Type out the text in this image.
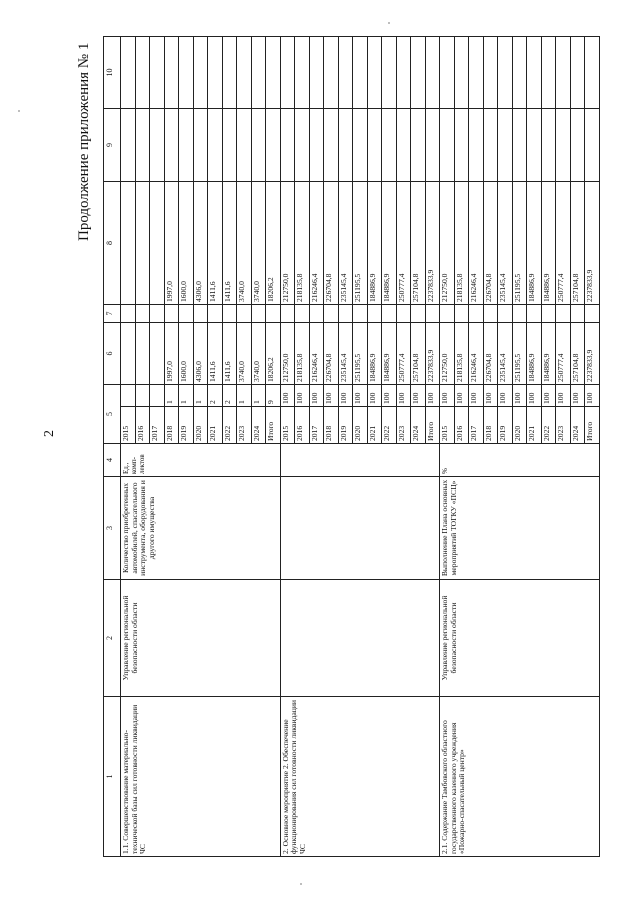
2
Продолжение приложения № 1
1	2	3	4	5		6	7	8	9	10
1.1. Совершенствование материально-технической базы сил готовности ликвидации ЧС	Управление региональной безопасности области	Количество приобретенных автомобилей, спасательного инструмента, оборудования и другого имущества	Ед., комп-лектов	2015						
				2016						
				2017						
				2018	1	1997,0		1997,0		
				2019	1	1600,0		1600,0		
				2020	1	4306,0		4306,0		
				2021	2	1411,6		1411,6		
				2022	2	1411,6		1411,6		
				2023	1	3740,0		3740,0		
				2024	1	3740,0		3740,0		
				Итого	9	18206,2		18206,2		
2. Основное мероприятие 2. Обеспечение функционирования сил готовности ликвидации ЧС				2015	100	212750,0		212750,0		
				2016	100	218135,8		218135,8		
				2017	100	216246,4		216246,4		
				2018	100	226704,8		226704,8		
				2019	100	235145,4		235145,4		
				2020	100	251195,5		251195,5		
				2021	100	184886,9		184886,9		
				2022	100	184886,9		184886,9		
				2023	100	250777,4		250777,4		
				2024	100	257104,8		257104,8		
				Итого	100	2237833,9		2237833,9		
2.1. Содержание Тамбовского областного государственного казенного учреждения «Пожарно-спасательный центр»	Управление региональной безопасности области	Выполнение Плана основных мероприятий ТОГКУ «ПСЦ»	%	2015	100	212750,0		212750,0		
				2016	100	218135,8		218135,8		
				2017	100	216246,4		216246,4		
				2018	100	226704,8		226704,8		
				2019	100	235145,4		235145,4		
				2020	100	251195,5		251195,5		
				2021	100	184886,9		184886,9		
				2022	100	184886,9		184886,9		
				2023	100	250777,4		250777,4		
				2024	100	257104,8		257104,8		
				Итого	100	2237833,9		2237833,9		
